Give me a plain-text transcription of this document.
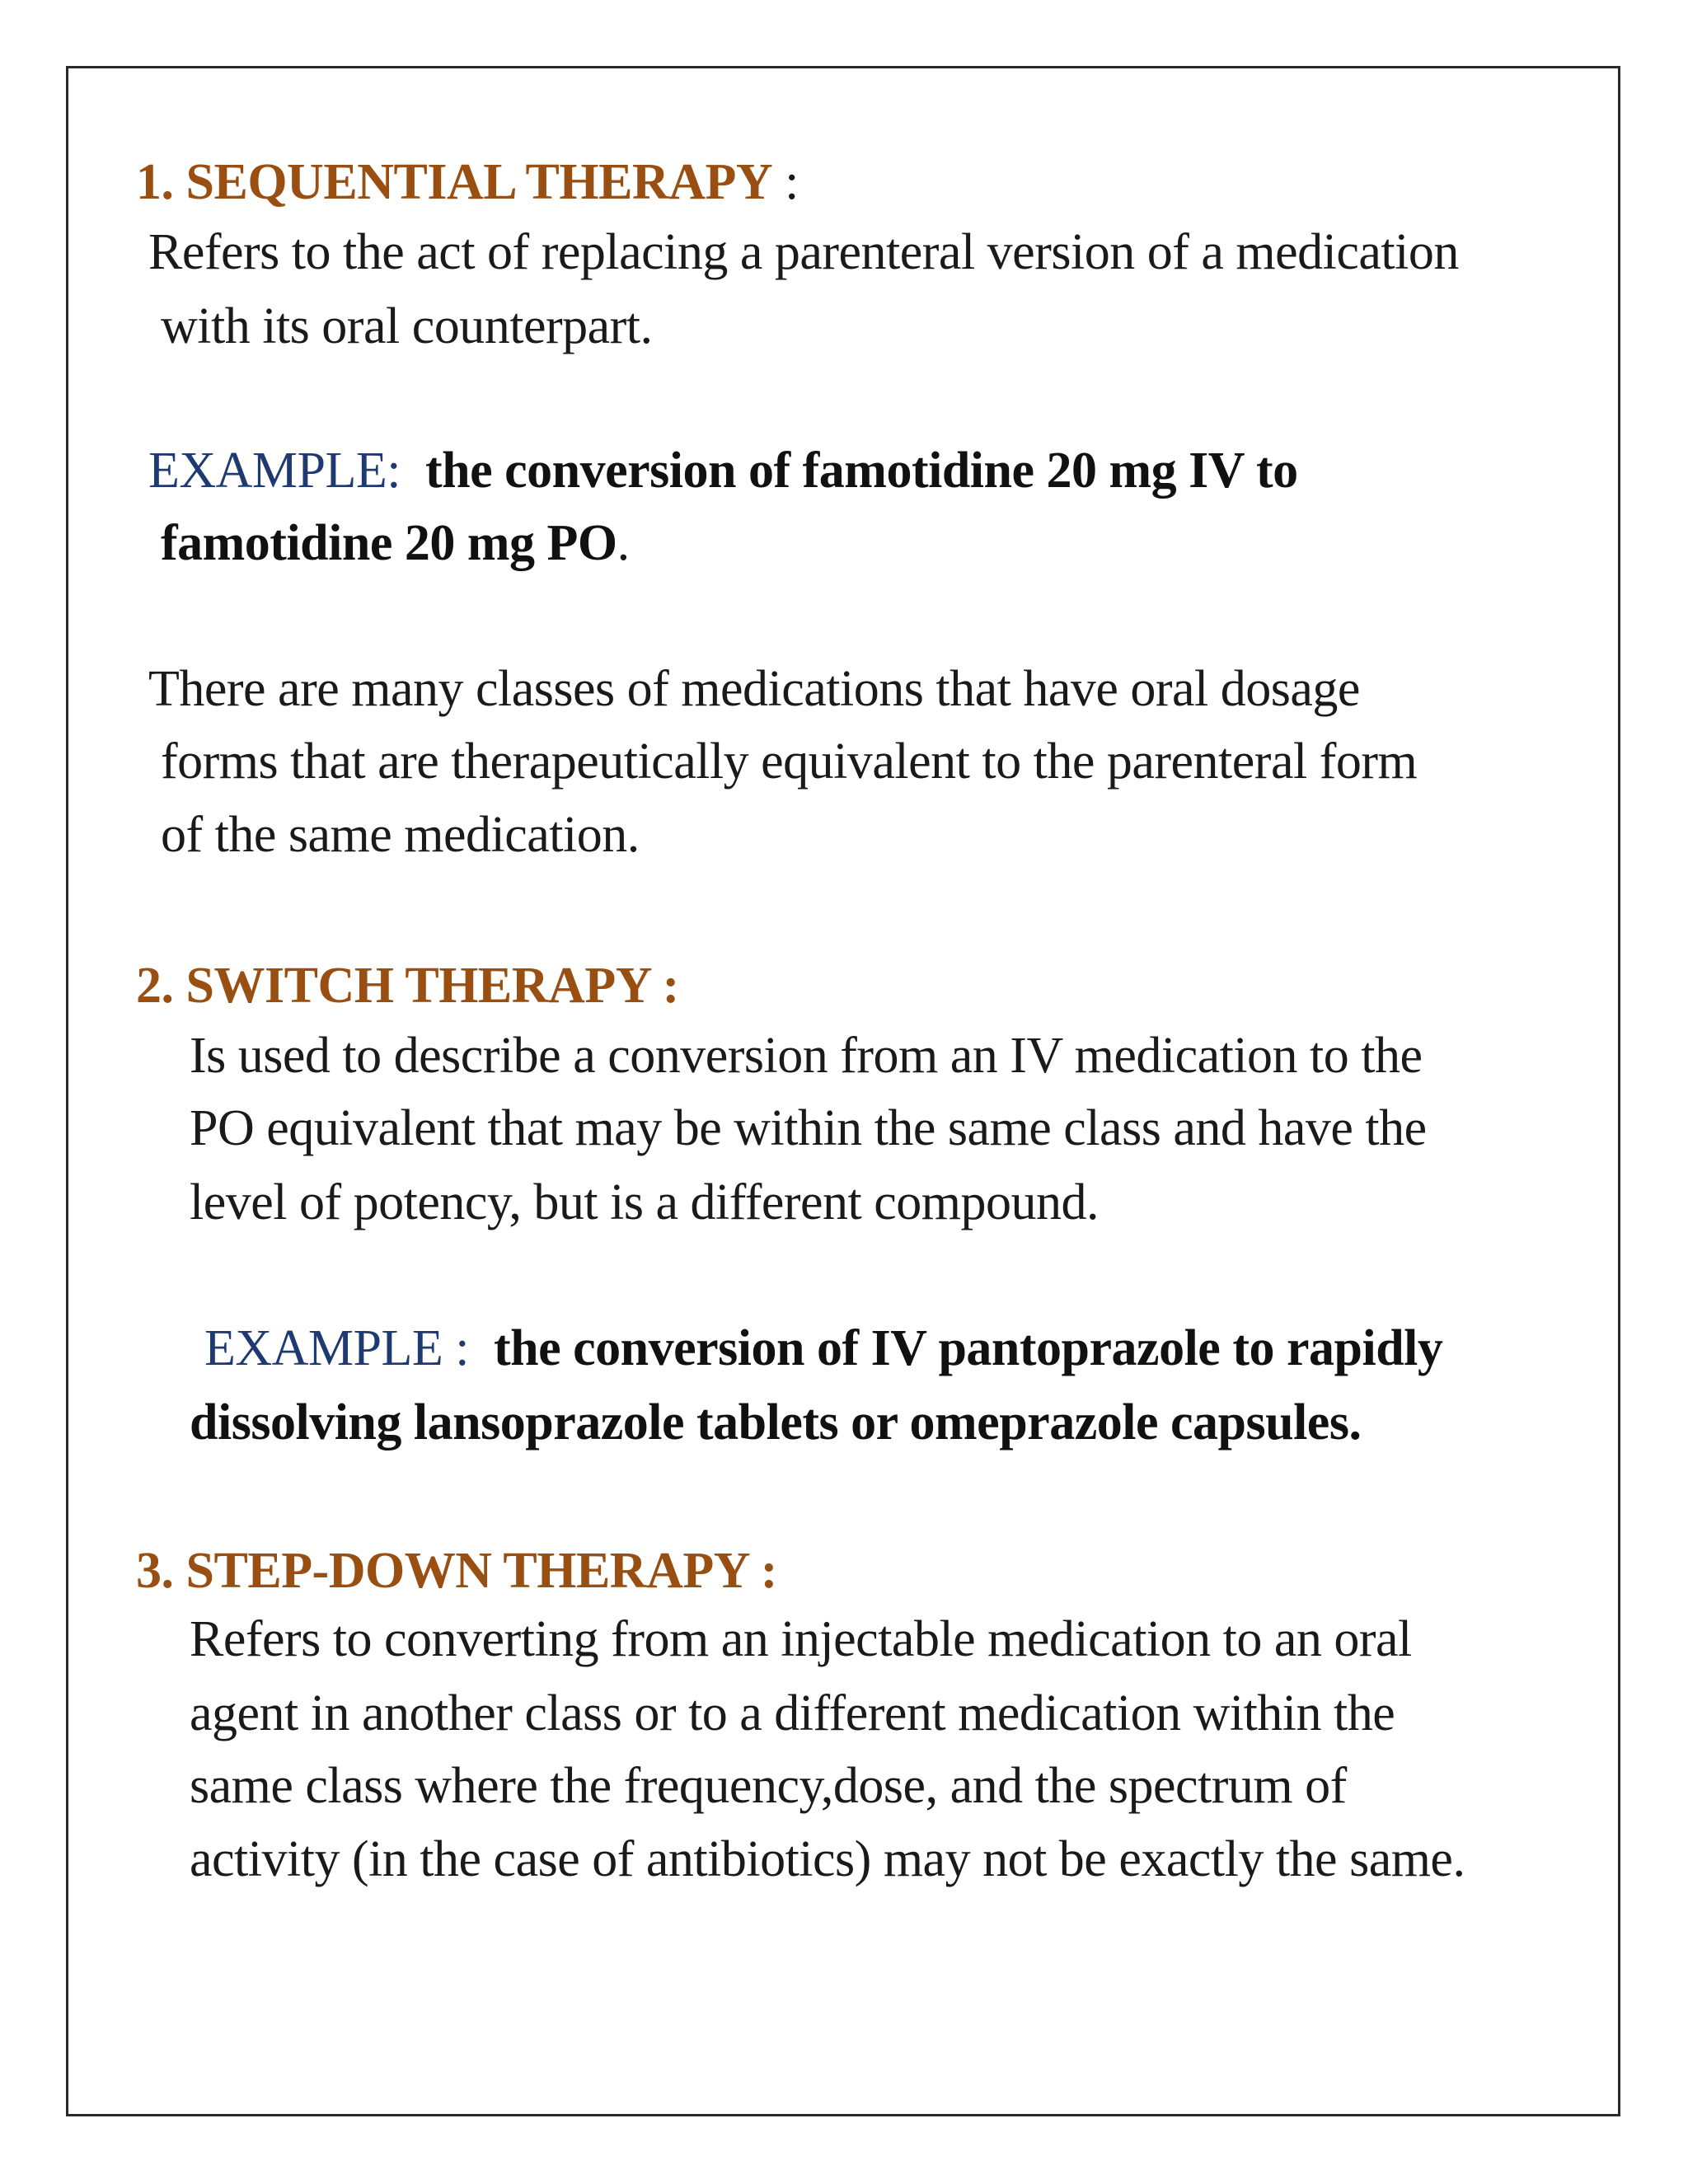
1. SEQUENTIAL THERAPY :
Refers to the act of replacing a parenteral version of a medication
with its oral counterpart.
EXAMPLE: the conversion of famotidine 20 mg IV to
famotidine 20 mg PO.
There are many classes of medications that have oral dosage
forms that are therapeutically equivalent to the parenteral form
of the same medication.
2. SWITCH THERAPY :
Is used to describe a conversion from an IV medication to the
PO equivalent that may be within the same class and have the
level of potency, but is a different compound.
EXAMPLE : the conversion of IV pantoprazole to rapidly
dissolving lansoprazole tablets or omeprazole capsules.
3. STEP-DOWN THERAPY :
Refers to converting from an injectable medication to an oral
agent in another class or to a different medication within the
same class where the frequency,dose, and the spectrum of
activity (in the case of antibiotics) may not be exactly the same.
